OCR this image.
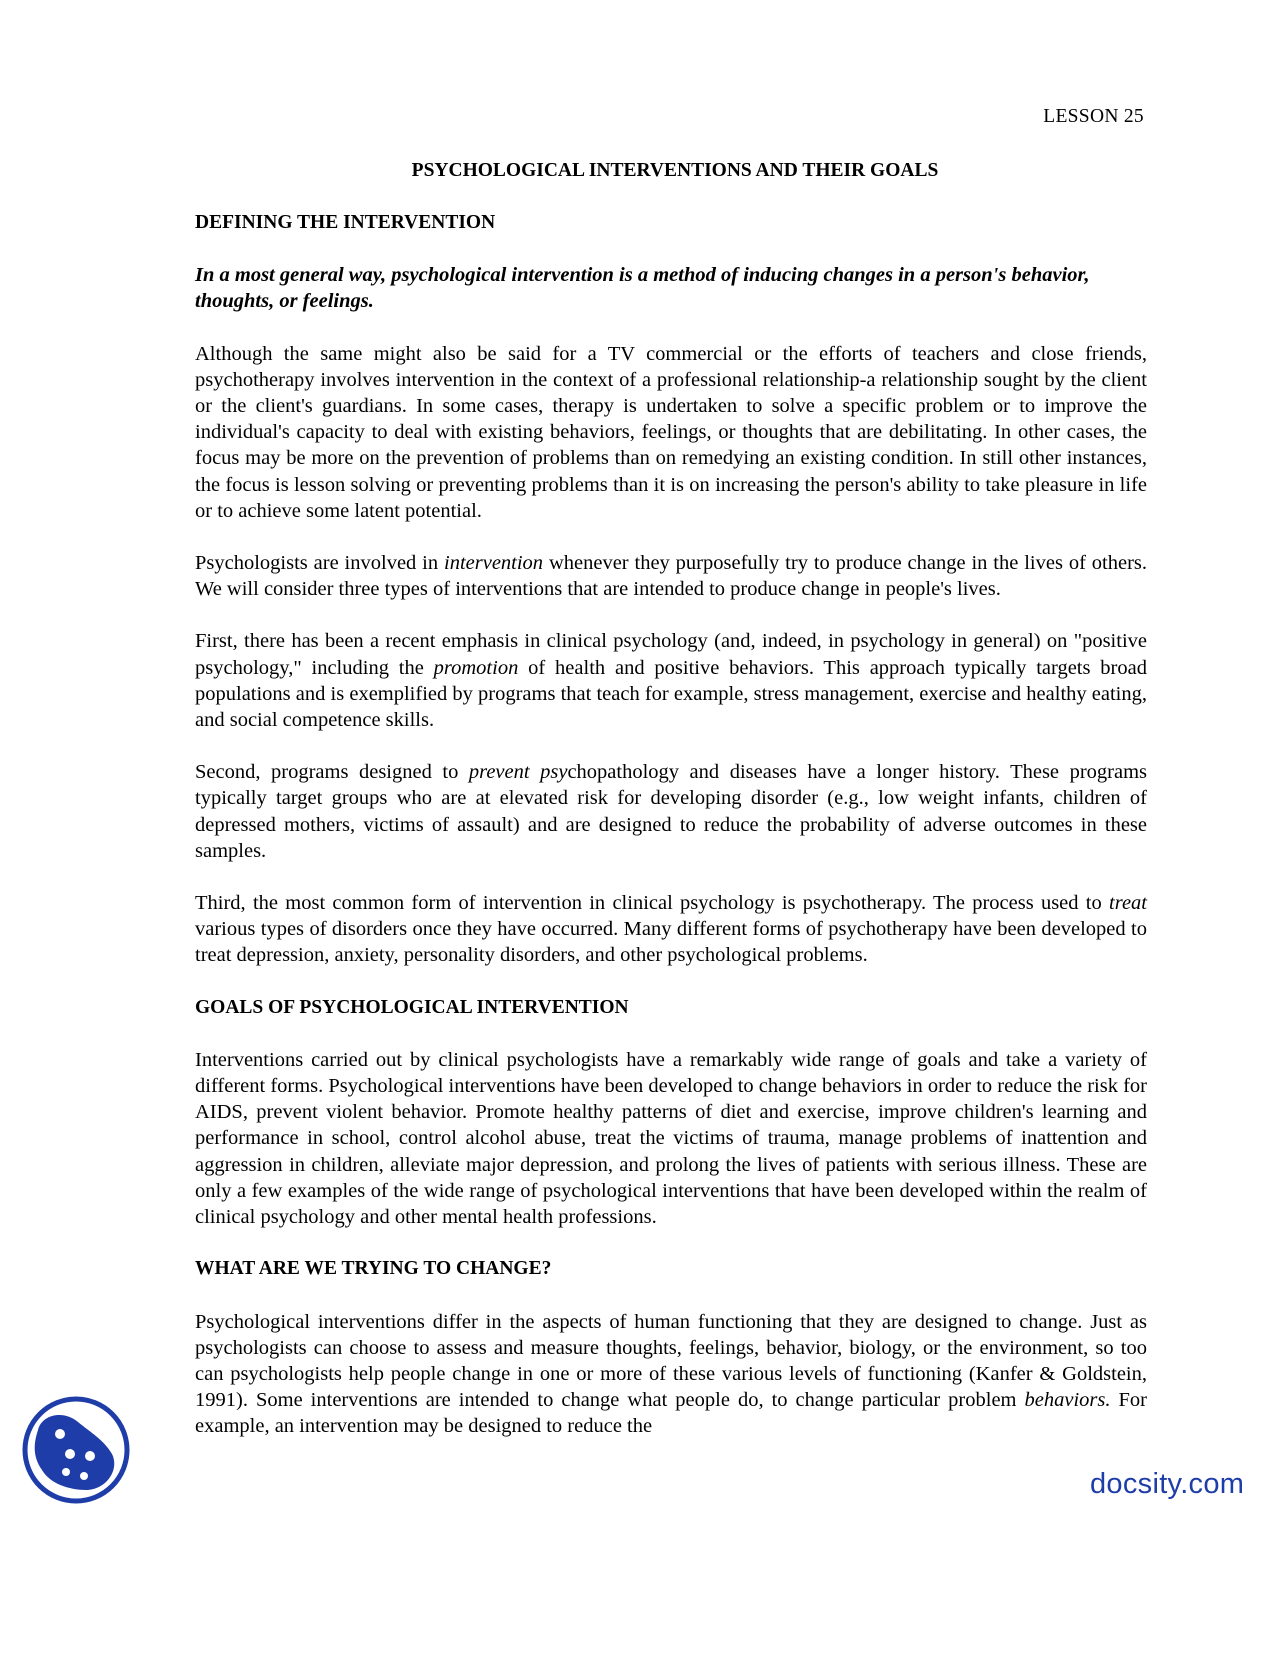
LESSON 25
PSYCHOLOGICAL INTERVENTIONS AND THEIR GOALS
DEFINING THE INTERVENTION

In a most general way, psychological intervention is a method of inducing changes in a person's behavior, thoughts, or feelings.

Although the same might also be said for a TV commercial or the efforts of teachers and close friends, psychotherapy involves intervention in the context of a professional relationship-a relationship sought by the client or the client's guardians. In some cases, therapy is undertaken to solve a specific problem or to improve the individual's capacity to deal with existing behaviors, feelings, or thoughts that are debilitating. In other cases, the focus may be more on the prevention of problems than on remedying an existing condition. In still other instances, the focus is lesson solving or preventing problems than it is on increasing the person's ability to take pleasure in life or to achieve some latent potential.

Psychologists are involved in intervention whenever they purposefully try to produce change in the lives of others. We will consider three types of interventions that are intended to produce change in people's lives.

First, there has been a recent emphasis in clinical psychology (and, indeed, in psychology in general) on "positive psychology," including the promotion of health and positive behaviors. This approach typically targets broad populations and is exemplified by programs that teach for example, stress management, exercise and healthy eating, and social competence skills.

Second, programs designed to prevent psychopathology and diseases have a longer history. These programs typically target groups who are at elevated risk for developing disorder (e.g., low weight infants, children of depressed mothers, victims of assault) and are designed to reduce the probability of adverse outcomes in these samples.

Third, the most common form of intervention in clinical psychology is psychotherapy. The process used to treat various types of disorders once they have occurred. Many different forms of psychotherapy have been developed to treat depression, anxiety, personality disorders, and other psychological problems.

GOALS OF PSYCHOLOGICAL INTERVENTION

Interventions carried out by clinical psychologists have a remarkably wide range of goals and take a variety of different forms. Psychological interventions have been developed to change behaviors in order to reduce the risk for AIDS, prevent violent behavior. Promote healthy patterns of diet and exercise, improve children's learning and performance in school, control alcohol abuse, treat the victims of trauma, manage problems of inattention and aggression in children, alleviate major depression, and prolong the lives of patients with serious illness. These are only a few examples of the wide range of psychological interventions that have been developed within the realm of clinical psychology and other mental health professions.

WHAT ARE WE TRYING TO CHANGE?

Psychological interventions differ in the aspects of human functioning that they are designed to change. Just as psychologists can choose to assess and measure thoughts, feelings, behavior, biology, or the environment, so too can psychologists help people change in one or more of these various levels of functioning (Kanfer & Goldstein, 1991). Some interventions are intended to change what people do, to change particular problem behaviors. For example, an intervention may be designed to reduce the

docsity.com
